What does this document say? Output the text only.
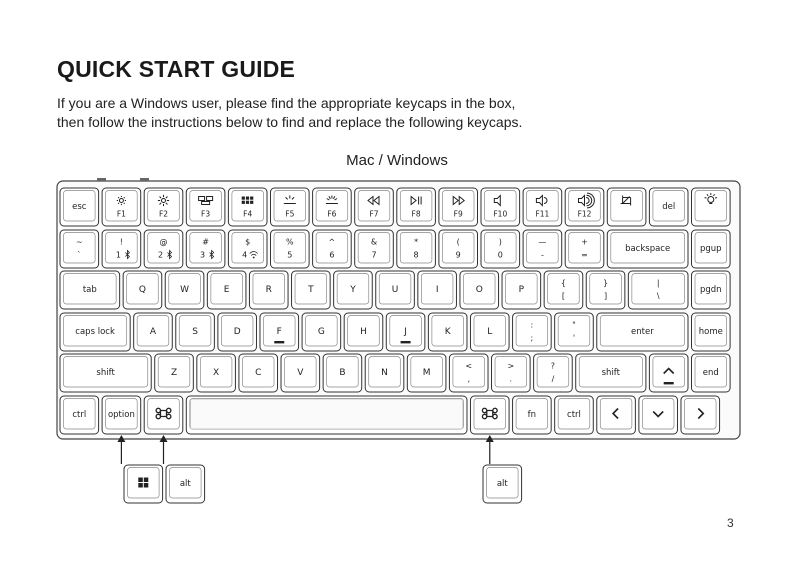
QUICK START GUIDE
If you are a Windows user, please find the appropriate keycaps in the box,
then follow the instructions below to find and replace the following keycaps.
Mac / Windows
esc
F1	F2	F3	F4	F5	F6	F7	F8	F9	F10	F11	F12
del
~
`
!
1
@
2
#
3
$
4
%
5
^
6
&
7
*
8
(
9
)
0
—
-
+
=
backspace	pgup
tab	Q	W	E	R	T	Y	U	I	O	P
{
[
}
]
|
\
pgdn
caps lock	A	S	D	F	G	H	J	K	L
:
;
"
'
enter	home
shift	Z	X	C	V	B	N	M
<
,
>
.
?
/
shift	end
ctrl	option	fn	ctrl
alt	alt
3
